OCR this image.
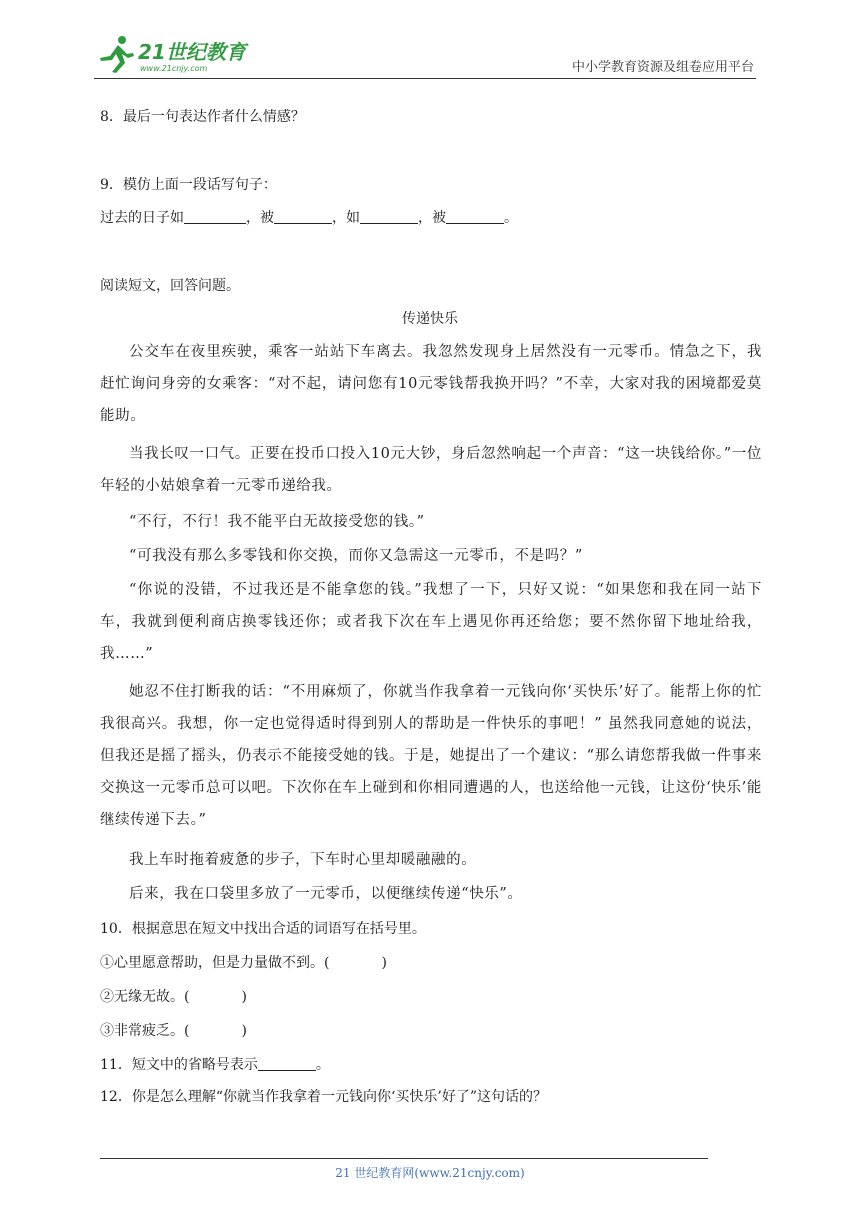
21世纪教育
www.21cnjy.com	中小学教育资源及组卷应用平台
8．最后一句表达作者什么情感？
9．模仿上面一段话写句子：
过去的日子如	，被	，如	，被	。
阅读短文，回答问题。
传递快乐
公交车在夜里疾驶，乘客一站站下车离去。我忽然发现身上居然没有一元零币。情急之下，我赶忙询问身旁的女乘客：“对不起，请问您有10元零钱帮我换开吗？”不幸，大家对我的困境都爱莫能助。
当我长叹一口气。正要在投币口投入10元大钞，身后忽然响起一个声音：“这一块钱给你。”一位年轻的小姑娘拿着一元零币递给我。
“不行，不行！我不能平白无故接受您的钱。”
“可我没有那么多零钱和你交换，而你又急需这一元零币，不是吗？”
“你说的没错，不过我还是不能拿您的钱。”我想了一下，只好又说：“如果您和我在同一站下车，我就到便利商店换零钱还你；或者我下次在车上遇见你再还给您；要不然你留下地址给我，我……”
她忍不住打断我的话：“不用麻烦了，你就当作我拿着一元钱向你‘买快乐’好了。能帮上你的忙我很高兴。我想，你一定也觉得适时得到别人的帮助是一件快乐的事吧！” 虽然我同意她的说法，但我还是摇了摇头，仍表示不能接受她的钱。于是，她提出了一个建议：“那么请您帮我做一件事来交换这一元零币总可以吧。下次你在车上碰到和你相同遭遇的人，也送给他一元钱，让这份‘快乐’能继续传递下去。”
我上车时拖着疲惫的步子，下车时心里却暖融融的。
后来，我在口袋里多放了一元零币，以便继续传递“快乐”。
10．根据意思在短文中找出合适的词语写在括号里。
①心里愿意帮助，但是力量做不到。(	)
②无缘无故。(	)
③非常疲乏。(	)
11．短文中的省略号表示	。
12．你是怎么理解“你就当作我拿着一元钱向你‘买快乐’好了”这句话的？
21 世纪教育网(www.21cnjy.com)
